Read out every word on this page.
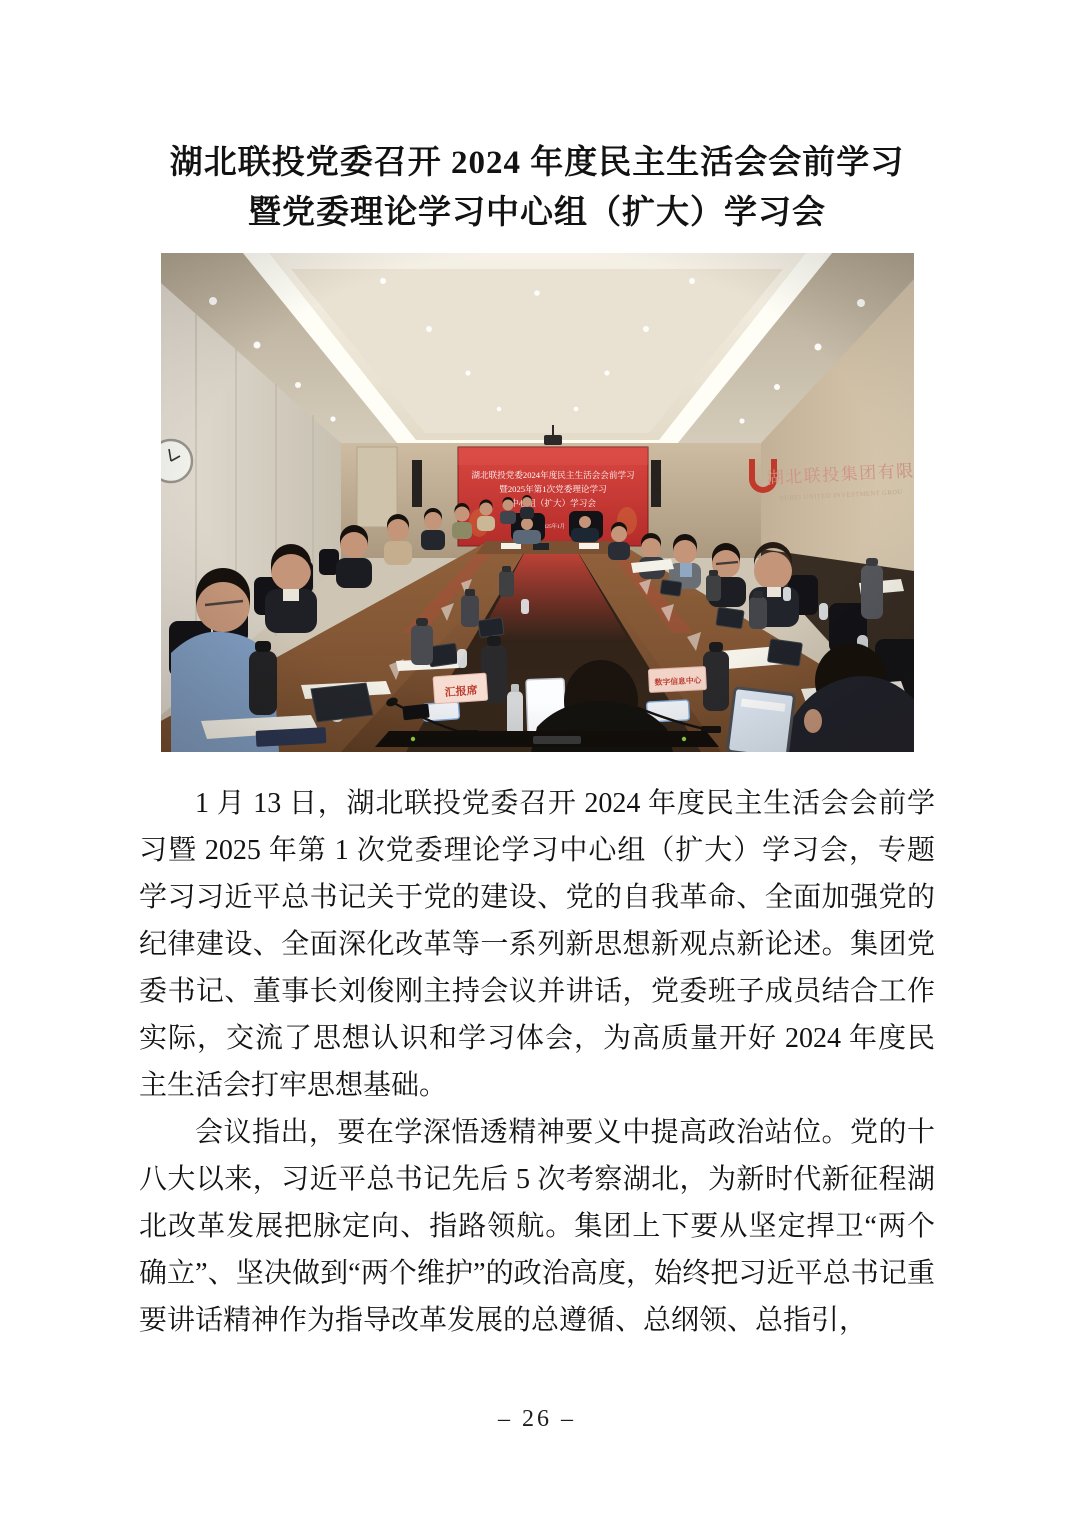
湖北联投党委召开 2024 年度民主生活会会前学习
暨党委理论学习中心组（扩大）学习会

1 月 13 日，湖北联投党委召开 2024 年度民主生活会会前学习暨 2025 年第 1 次党委理论学习中心组（扩大）学习会，专题学习习近平总书记关于党的建设、党的自我革命、全面加强党的纪律建设、全面深化改革等一系列新思想新观点新论述。集团党委书记、董事长刘俊刚主持会议并讲话，党委班子成员结合工作实际，交流了思想认识和学习体会，为高质量开好 2024 年度民主生活会打牢思想基础。

会议指出，要在学深悟透精神要义中提高政治站位。党的十八大以来，习近平总书记先后 5 次考察湖北，为新时代新征程湖北改革发展把脉定向、指路领航。集团上下要从坚定捍卫“两个确立”、坚决做到“两个维护”的政治高度，始终把习近平总书记重要讲话精神作为指导改革发展的总遵循、总纲领、总指引，

– 26 –
